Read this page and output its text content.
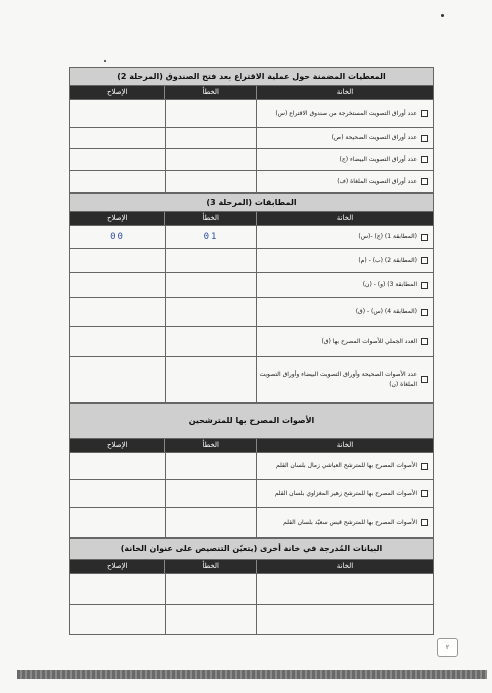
المعطيات المضمنة حول عملية الاقتراع بعد فتح الصندوق (المرحلة 2)
الخانة
الخطأ
الإصلاح
عدد أوراق التصويت المستخرجة من صندوق الاقتراع (س)
عدد أوراق التصويت الصحيحة (ص)
عدد أوراق التصويت البيضاء (ج)
عدد أوراق التصويت الملغاة (ف)
المطابقات (المرحلة 3)
الخانة
الخطأ
الإصلاح
(المطابقة 1) (ج) -(س)
01
00
(المطابقة 2) (ب) - (م)
المطابقة 3) (و) - (ن)
(المطابقة 4) (س) - (ق)
العدد الجملي للأصوات المصرح بها (ق)
عدد الأصوات الصحيحة وأوراق التصويت البيضاء وأوراق التصويت الملغاة (ن)
الأصوات المصرح بها للمترشحين
الخانة
الخطأ
الإصلاح
الأصوات المصرح بها للمترشح العياشي زمال بلسان القلم
الأصوات المصرح بها للمترشح زهير المغزاوي بلسان القلم
الأصوات المصرح بها للمترشح قيس سعيّد بلسان القلم
البيانات المُدرجة في خانة أخرى (يتعيّن التنصيص على عنوان الخانة)
الخانة
الخطأ
الإصلاح
٢
